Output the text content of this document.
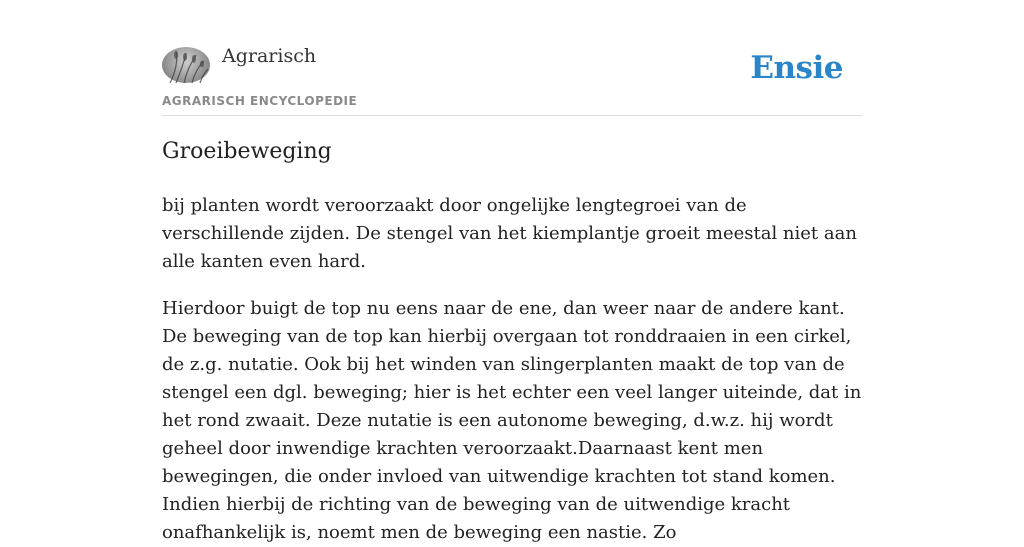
Agrarisch
AGRARISCH ENCYCLOPEDIE
Ensie
Groeibeweging

bij planten wordt veroorzaakt door ongelijke lengtegroei van de verschillende zijden. De stengel van het kiemplantje groeit meestal niet aan alle kanten even hard.

Hierdoor buigt de top nu eens naar de ene, dan weer naar de andere kant. De beweging van de top kan hierbij overgaan tot ronddraaien in een cirkel, de z.g. nutatie. Ook bij het winden van slingerplanten maakt de top van de stengel een dgl. beweging; hier is het echter een veel langer uiteinde, dat in het rond zwaait. Deze nutatie is een autonome beweging, d.w.z. hij wordt geheel door inwendige krachten veroorzaakt.Daarnaast kent men bewegingen, die onder invloed van uitwendige krachten tot stand komen. Indien hierbij de richting van de beweging van de uitwendige kracht onafhankelijk is, noemt men de beweging een nastie. Zo
